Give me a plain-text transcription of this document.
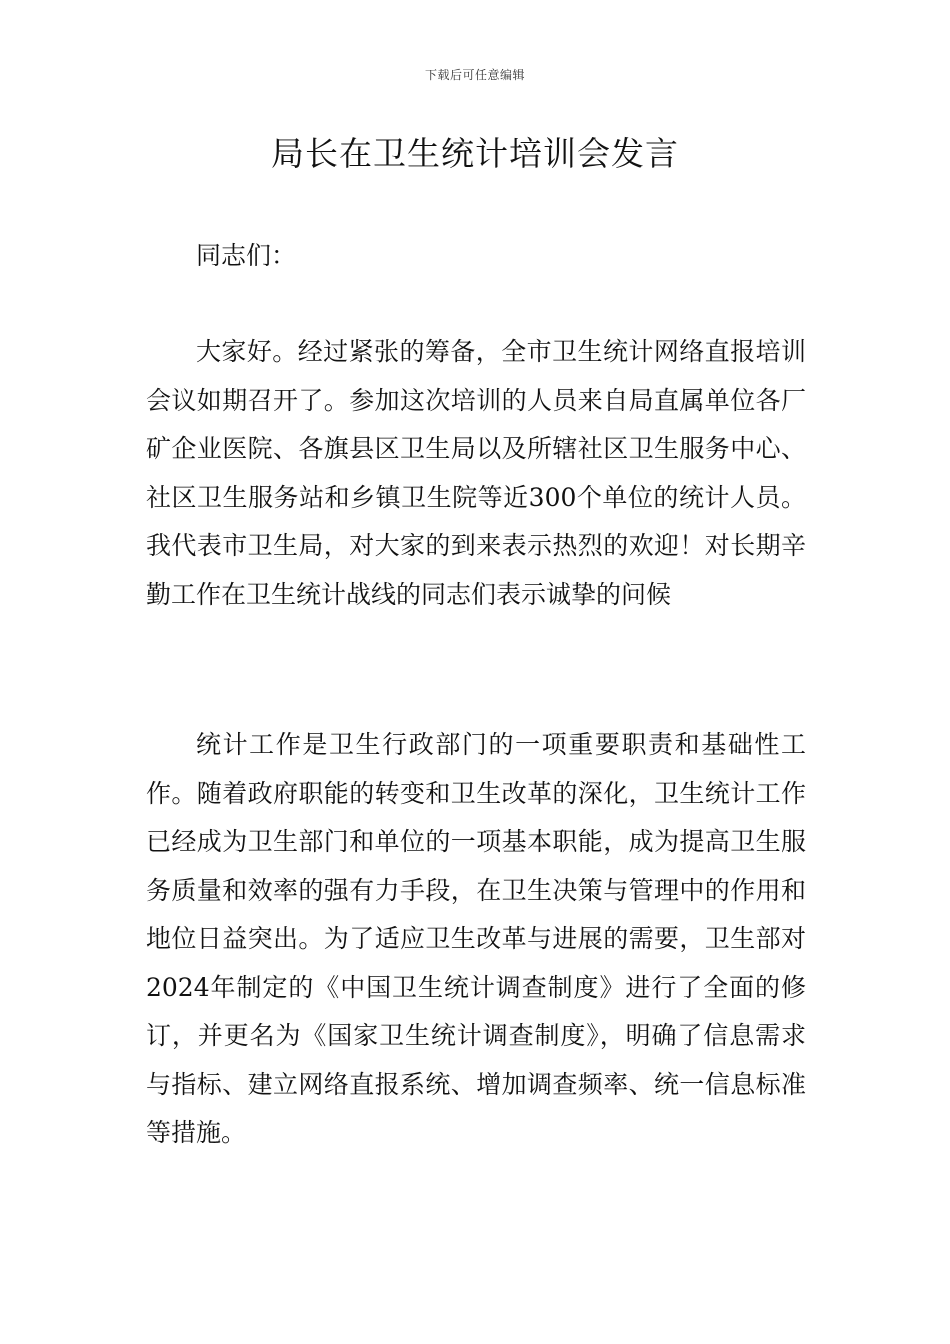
下载后可任意编辑
局长在卫生统计培训会发言
同志们：
大家好。经过紧张的筹备，全市卫生统计网络直报培训会议如期召开了。参加这次培训的人员来自局直属单位各厂矿企业医院、各旗县区卫生局以及所辖社区卫生服务中心、社区卫生服务站和乡镇卫生院等近300个单位的统计人员。我代表市卫生局，对大家的到来表示热烈的欢迎！对长期辛勤工作在卫生统计战线的同志们表示诚挚的问候
统计工作是卫生行政部门的一项重要职责和基础性工作。随着政府职能的转变和卫生改革的深化，卫生统计工作已经成为卫生部门和单位的一项基本职能，成为提高卫生服务质量和效率的强有力手段，在卫生决策与管理中的作用和地位日益突出。为了适应卫生改革与进展的需要，卫生部对2024年制定的《中国卫生统计调查制度》进行了全面的修订，并更名为《国家卫生统计调查制度》，明确了信息需求与指标、建立网络直报系统、增加调查频率、统一信息标准等措施。
